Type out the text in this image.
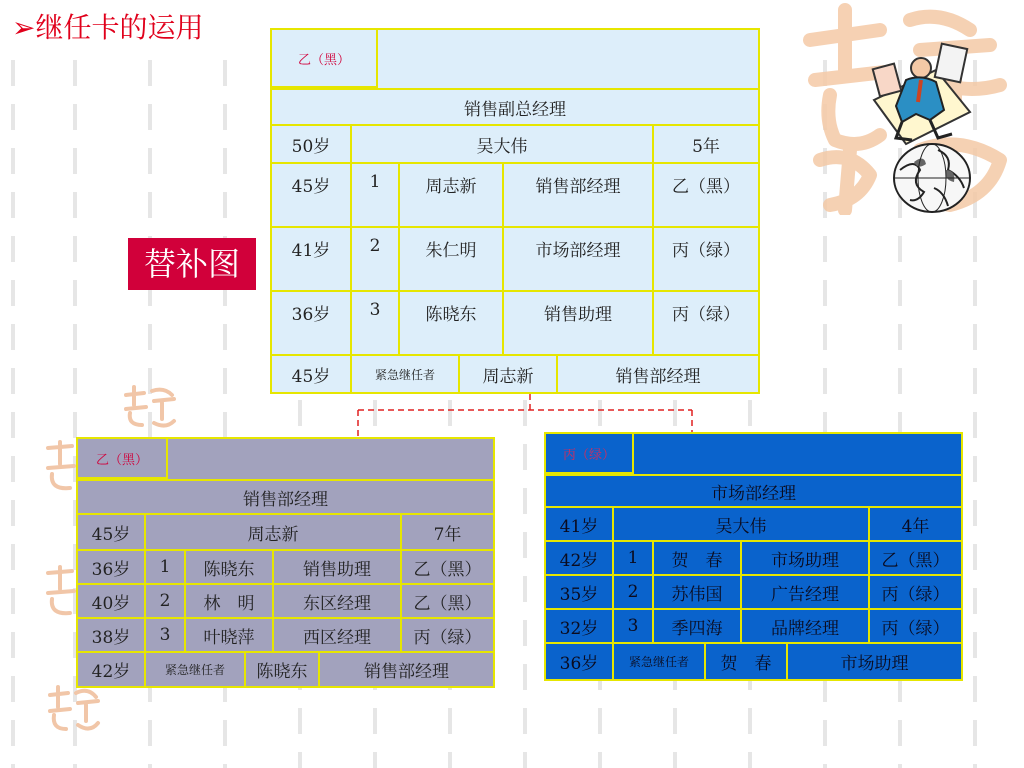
➢继任卡的运用
替补图
乙（黑）
销售副总经理
50岁	吴大伟	5年
45岁	1	周志新	销售部经理	乙（黑）
41岁	2	朱仁明	市场部经理	丙（绿）
36岁	3	陈晓东	销售助理	丙（绿）
45岁	紧急继任者	周志新	销售部经理
乙（黑）
销售部经理
45岁	周志新	7年
36岁	1	陈晓东	销售助理	乙（黑）
40岁	2	林　明	东区经理	乙（黑）
38岁	3	叶晓萍	西区经理	丙（绿）
42岁	紧急继任者	陈晓东	销售部经理
丙（绿）
市场部经理
41岁	吴大伟	4年
42岁	1	贺　春	市场助理	乙（黑）
35岁	2	苏伟国	广告经理	丙（绿）
32岁	3	季四海	品牌经理	丙（绿）
36岁	紧急继任者	贺　春	市场助理
